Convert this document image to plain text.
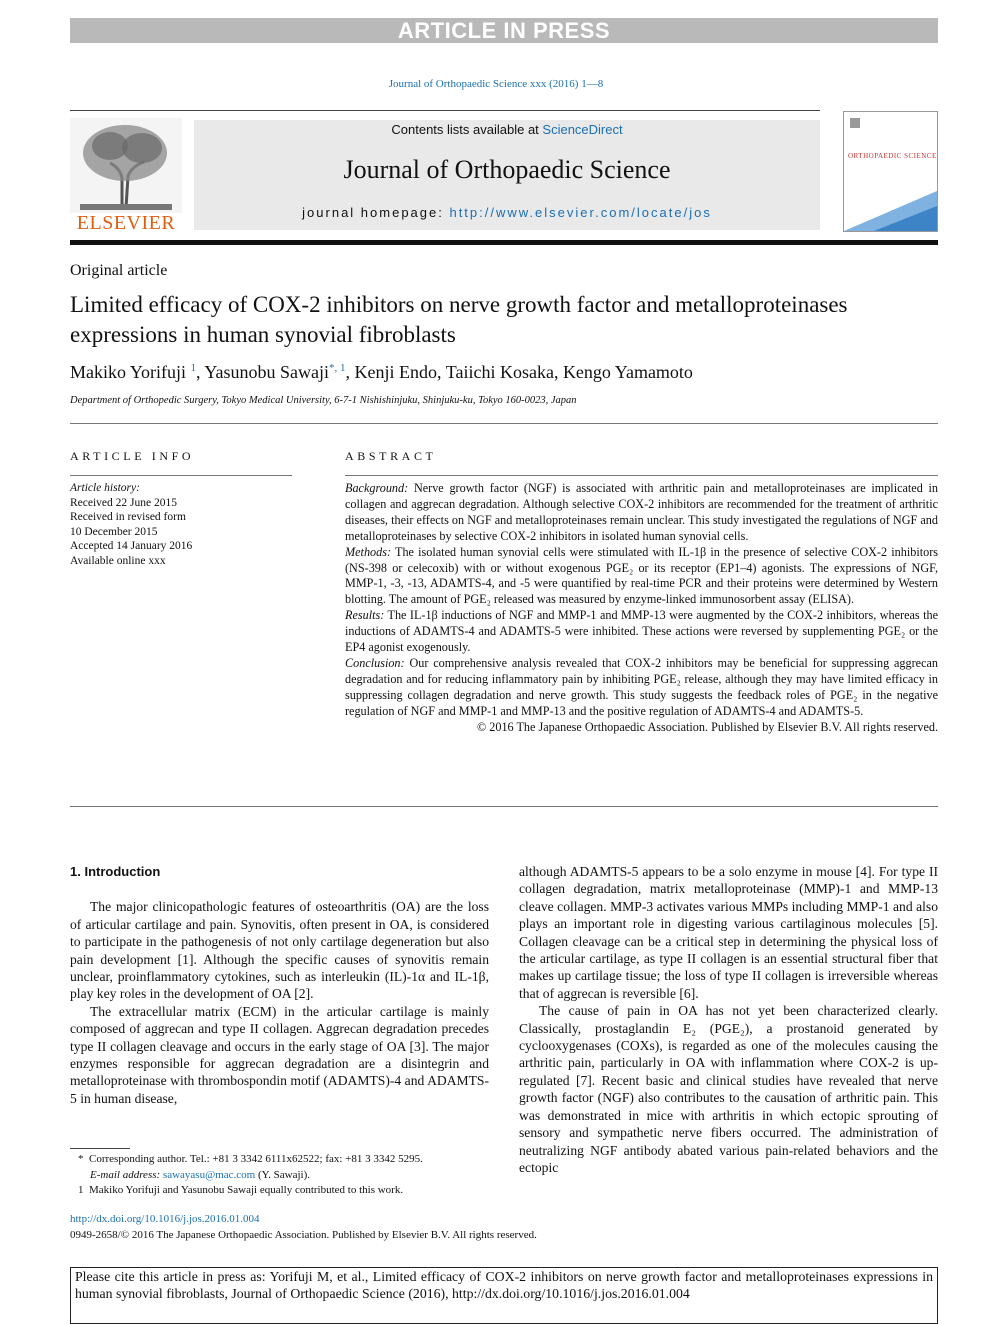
ARTICLE IN PRESS
Journal of Orthopaedic Science xxx (2016) 1—8
ELSEVIER
Contents lists available at ScienceDirect
Journal of Orthopaedic Science
journal homepage: http://www.elsevier.com/locate/jos
ORTHOPAEDIC SCIENCE
Original article
Limited efficacy of COX-2 inhibitors on nerve growth factor and metalloproteinases expressions in human synovial fibroblasts
Makiko Yorifuji $^1$, Yasunobu Sawaji$^{*, 1}$, Kenji Endo, Taiichi Kosaka, Kengo Yamamoto
Department of Orthopedic Surgery, Tokyo Medical University, 6-7-1 Nishishinjuku, Shinjuku-ku, Tokyo 160-0023, Japan
ARTICLE INFO	ABSTRACT
Article history:
Received 22 June 2015
Received in revised form
10 December 2015
Accepted 14 January 2016
Available online xxx

Background: Nerve growth factor (NGF) is associated with arthritic pain and metalloproteinases are implicated in collagen and aggrecan degradation. Although selective COX-2 inhibitors are recommended for the treatment of arthritic diseases, their effects on NGF and metalloproteinases remain unclear. This study investigated the regulations of NGF and metalloproteinases by selective COX-2 inhibitors in isolated human synovial cells.

Methods: The isolated human synovial cells were stimulated with IL-1β in the presence of selective COX-2 inhibitors (NS-398 or celecoxib) with or without exogenous PGE₂ or its receptor (EP1–4) agonists. The expressions of NGF, MMP-1, -3, -13, ADAMTS-4, and -5 were quantified by real-time PCR and their proteins were determined by Western blotting. The amount of PGE₂ released was measured by enzyme-linked immunosorbent assay (ELISA).

Results: The IL-1β inductions of NGF and MMP-1 and MMP-13 were augmented by the COX-2 inhibitors, whereas the inductions of ADAMTS-4 and ADAMTS-5 were inhibited. These actions were reversed by supplementing PGE₂ or the EP4 agonist exogenously.

Conclusion: Our comprehensive analysis revealed that COX-2 inhibitors may be beneficial for suppressing aggrecan degradation and for reducing inflammatory pain by inhibiting PGE₂ release, although they may have limited efficacy in suppressing collagen degradation and nerve growth. This study suggests the feedback roles of PGE₂ in the negative regulation of NGF and MMP-1 and MMP-13 and the positive regulation of ADAMTS-4 and ADAMTS-5.

© 2016 The Japanese Orthopaedic Association. Published by Elsevier B.V. All rights reserved.

1. Introduction

The major clinicopathologic features of osteoarthritis (OA) are the loss of articular cartilage and pain. Synovitis, often present in OA, is considered to participate in the pathogenesis of not only cartilage degeneration but also pain development [1]. Although the specific causes of synovitis remain unclear, proinflammatory cytokines, such as interleukin (IL)-1α and IL-1β, play key roles in the development of OA [2].

The extracellular matrix (ECM) in the articular cartilage is mainly composed of aggrecan and type II collagen. Aggrecan degradation precedes type II collagen cleavage and occurs in the early stage of OA [3]. The major enzymes responsible for aggrecan degradation are a disintegrin and metalloproteinase with thrombospondin motif (ADAMTS)-4 and ADAMTS-5 in human disease,

although ADAMTS-5 appears to be a solo enzyme in mouse [4]. For type II collagen degradation, matrix metalloproteinase (MMP)-1 and MMP-13 cleave collagen. MMP-3 activates various MMPs including MMP-1 and also plays an important role in digesting various cartilaginous molecules [5]. Collagen cleavage can be a critical step in determining the physical loss of the articular cartilage, as type II collagen is an essential structural fiber that makes up cartilage tissue; the loss of type II collagen is irreversible whereas that of aggrecan is reversible [6].

The cause of pain in OA has not yet been characterized clearly. Classically, prostaglandin E₂ (PGE₂), a prostanoid generated by cyclooxygenases (COXs), is regarded as one of the molecules causing the arthritic pain, particularly in OA with inflammation where COX-2 is up-regulated [7]. Recent basic and clinical studies have revealed that nerve growth factor (NGF) also contributes to the causation of arthritic pain. This was demonstrated in mice with arthritis in which ectopic sprouting of sensory and sympathetic nerve fibers occurred. The administration of neutralizing NGF antibody abated various pain-related behaviors and the ectopic

* Corresponding author. Tel.: +81 3 3342 6111x62522; fax: +81 3 3342 5295.
E-mail address: sawayasu@mac.com (Y. Sawaji).
1 Makiko Yorifuji and Yasunobu Sawaji equally contributed to this work.
http://dx.doi.org/10.1016/j.jos.2016.01.004
0949-2658/© 2016 The Japanese Orthopaedic Association. Published by Elsevier B.V. All rights reserved.
Please cite this article in press as: Yorifuji M, et al., Limited efficacy of COX-2 inhibitors on nerve growth factor and metalloproteinases expressions in human synovial fibroblasts, Journal of Orthopaedic Science (2016), http://dx.doi.org/10.1016/j.jos.2016.01.004
